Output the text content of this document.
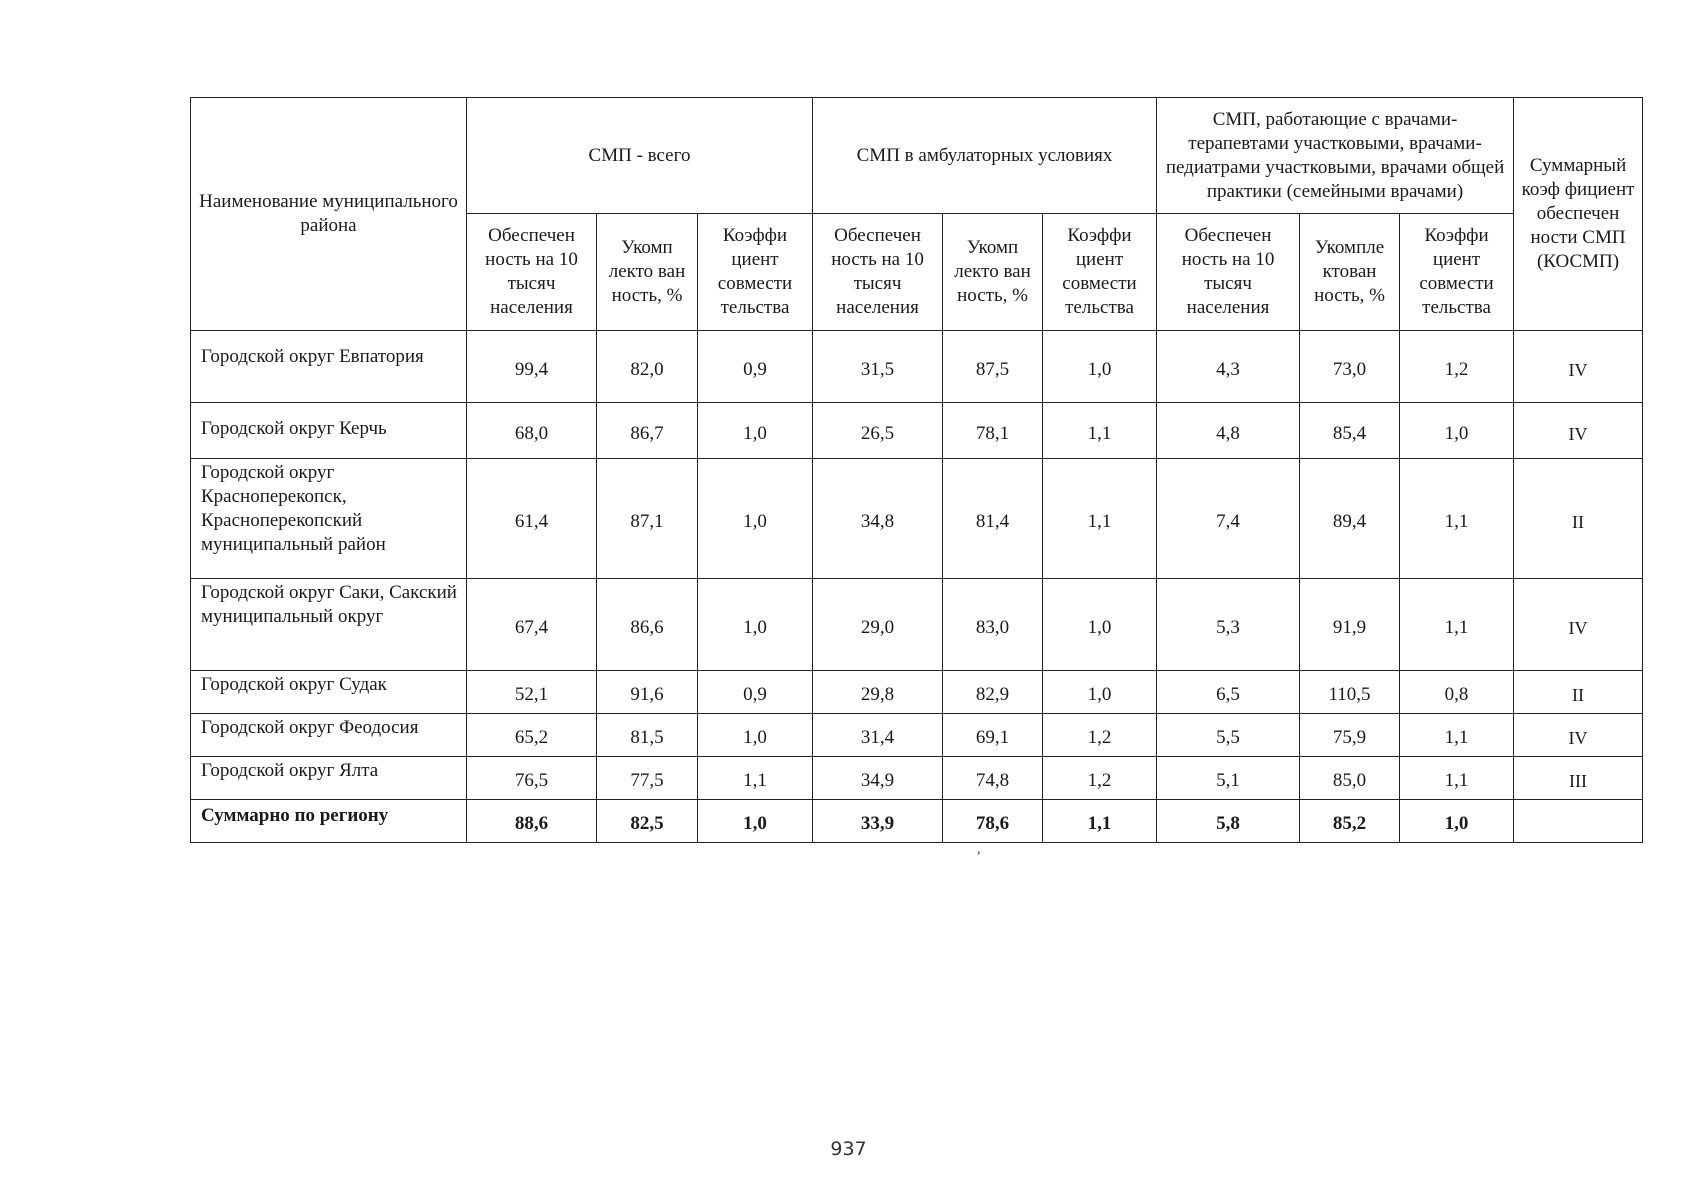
Наименование муниципального района	СМП - всего			СМП в амбулаторных условиях			СМП, работающие с врачами-терапевтами участковыми, врачами-педиатрами участковыми, врачами общей практики (семейными врачами)			Суммарный коэф фициент обеспечен ности СМП (КОСМП)
	Обеспечен ность на 10 тысяч населения	Укомп лекто ван ность, %	Коэффи циент совмести тельства	Обеспечен ность на 10 тысяч населения	Укомп лекто ван ность, %	Коэффи циент совмести тельства	Обеспечен ность на 10 тысяч населения	Укомпле ктован ность, %	Коэффи циент совмести тельства	
Городской округ Евпатория	99,4	82,0	0,9	31,5	87,5	1,0	4,3	73,0	1,2	IV
Городской округ Керчь	68,0	86,7	1,0	26,5	78,1	1,1	4,8	85,4	1,0	IV
Городской округ Красноперекопск, Красноперекопский муниципальный район	61,4	87,1	1,0	34,8	81,4	1,1	7,4	89,4	1,1	II
Городской округ Саки, Сакский муниципальный округ	67,4	86,6	1,0	29,0	83,0	1,0	5,3	91,9	1,1	IV
Городской округ Судак	52,1	91,6	0,9	29,8	82,9	1,0	6,5	110,5	0,8	II
Городской округ Феодосия	65,2	81,5	1,0	31,4	69,1	1,2	5,5	75,9	1,1	IV
Городской округ Ялта	76,5	77,5	1,1	34,9	74,8	1,2	5,1	85,0	1,1	III
Суммарно по региону	88,6	82,5	1,0	33,9	78,6	1,1	5,8	85,2	1,0	
,
937
